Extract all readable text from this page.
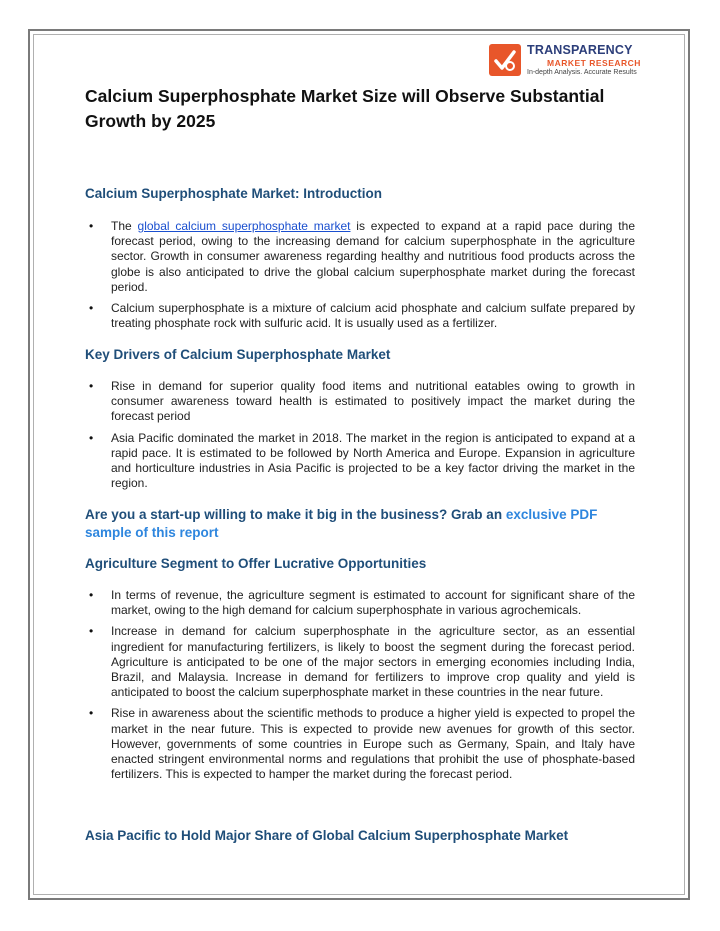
TRANSPARENCY
MARKET RESEARCH
In-depth Analysis. Accurate Results
Calcium Superphosphate Market Size will Observe Substantial Growth by 2025
Calcium Superphosphate Market: Introduction
• The global calcium superphosphate market is expected to expand at a rapid pace during the forecast period, owing to the increasing demand for calcium superphosphate in the agriculture sector. Growth in consumer awareness regarding healthy and nutritious food products across the globe is also anticipated to drive the global calcium superphosphate market during the forecast period.
• Calcium superphosphate is a mixture of calcium acid phosphate and calcium sulfate prepared by treating phosphate rock with sulfuric acid. It is usually used as a fertilizer.
Key Drivers of Calcium Superphosphate Market
• Rise in demand for superior quality food items and nutritional eatables owing to growth in consumer awareness toward health is estimated to positively impact the market during the forecast period
• Asia Pacific dominated the market in 2018. The market in the region is anticipated to expand at a rapid pace. It is estimated to be followed by North America and Europe. Expansion in agriculture and horticulture industries in Asia Pacific is projected to be a key factor driving the market in the region.
Are you a start-up willing to make it big in the business? Grab an exclusive PDF sample of this report
Agriculture Segment to Offer Lucrative Opportunities
• In terms of revenue, the agriculture segment is estimated to account for significant share of the market, owing to the high demand for calcium superphosphate in various agrochemicals.
• Increase in demand for calcium superphosphate in the agriculture sector, as an essential ingredient for manufacturing fertilizers, is likely to boost the segment during the forecast period. Agriculture is anticipated to be one of the major sectors in emerging economies including India, Brazil, and Malaysia. Increase in demand for fertilizers to improve crop quality and yield is anticipated to boost the calcium superphosphate market in these countries in the near future.
• Rise in awareness about the scientific methods to produce a higher yield is expected to propel the market in the near future. This is expected to provide new avenues for growth of this sector. However, governments of some countries in Europe such as Germany, Spain, and Italy have enacted stringent environmental norms and regulations that prohibit the use of phosphate-based fertilizers. This is expected to hamper the market during the forecast period.
Asia Pacific to Hold Major Share of Global Calcium Superphosphate Market
